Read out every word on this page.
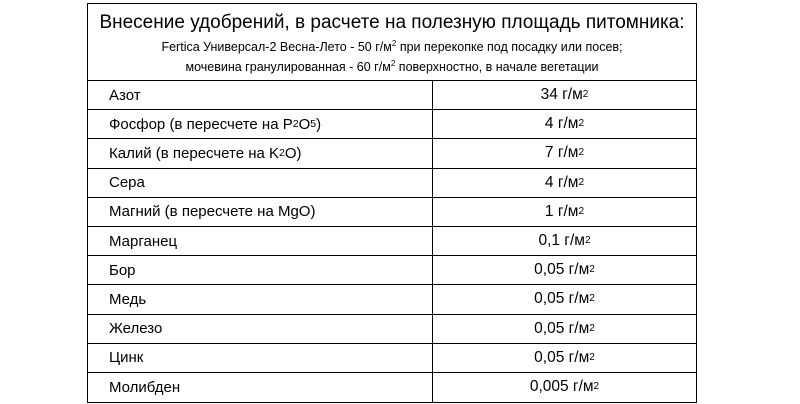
Внесение удобрений, в расчете на полезную площадь питомника:
Fertica Универсал-2 Весна-Лето - 50 $г/м^2$ при перекопке под посадку или посев;
мочевина гранулированная - 60 $г/м^2$ поверхностно, в начале вегетации
Азот	34 г/м 2
Фосфор (в пересчете на P 2 O 5 )	4 г/м 2
Калий (в пересчете на K 2 O)	7 г/м 2
Сера	4 г/м 2
Магний (в пересчете на MgO)	1 г/м 2
Марганец	0,1 г/м 2
Бор	0,05 г/м 2
Медь	0,05 г/м 2
Железо	0,05 г/м 2
Цинк	0,05 г/м 2
Молибден	0,005 г/м 2
